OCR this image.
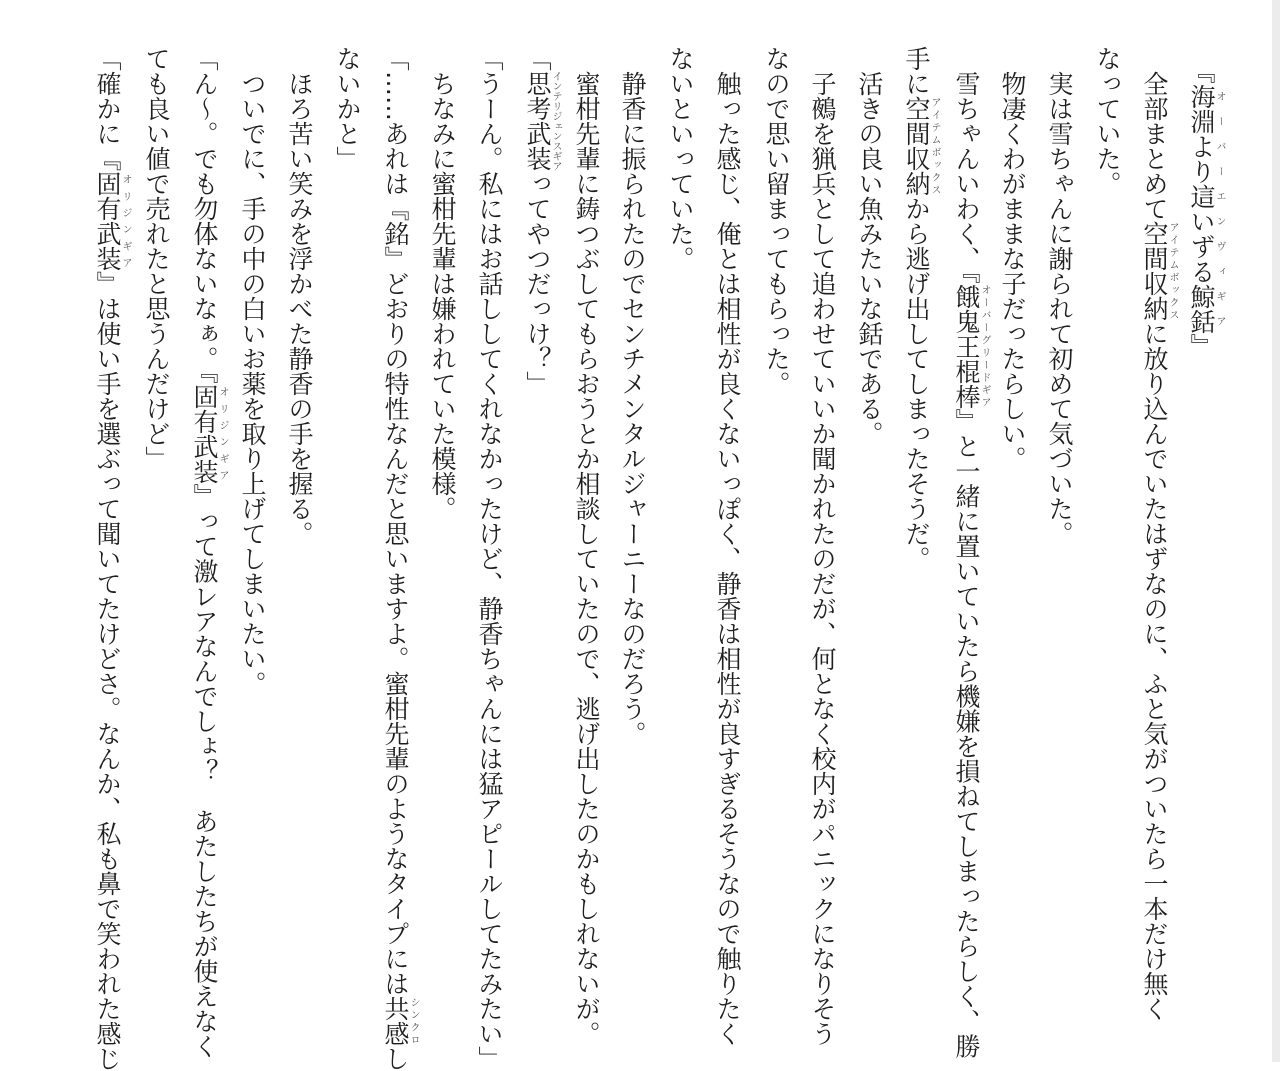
　『海淵より這いずる鯨銛オーバーエンヴィギア』
　全部まとめて空間収納アイテムボックスに放り込んでいたはずなのに、ふと気がついたら一本だけ無く
なっていた。
　実は雪ちゃんに謝られて初めて気づいた。
　物凄くわがままな子だったらしい。
　雪ちゃんいわく、『餓鬼王棍棒オーバーグリードギア』と一緒に置いていたら機嫌を損ねてしまったらしく、勝
手に空間収納アイテムボックスから逃げ出してしまったそうだ。
　活きの良い魚みたいな銛である。
　子鵺を猟兵として追わせていいか聞かれたのだが、何となく校内がパニックになりそう
なので思い留まってもらった。
　触った感じ、俺とは相性が良くないっぽく、静香は相性が良すぎるそうなので触りたく
ないといっていた。
　静香に振られたのでセンチメンタルジャーニーなのだろう。
　蜜柑先輩に鋳つぶしてもらおうとか相談していたので、逃げ出したのかもしれないが。
「思考武装インテリジェンスギアってやつだっけ？」
「うーん。私にはお話ししてくれなかったけど、静香ちゃんには猛アピールしてたみたい」
　ちなみに蜜柑先輩は嫌われていた模様。
「……あれは『銘』どおりの特性なんだと思いますよ。蜜柑先輩のようなタイプには共感シンクロし
ないかと」
　ほろ苦い笑みを浮かべた静香の手を握る。
　ついでに、手の中の白いお薬を取り上げてしまいたい。
「ん～。でも勿体ないなぁ。『固有武装オリジンギア』って激レアなんでしょ？　あたしたちが使えなく
ても良い値で売れたと思うんだけど」
「確かに『固有武装オリジンギア』は使い手を選ぶって聞いてたけどさ。なんか、私も鼻で笑われた感じ
